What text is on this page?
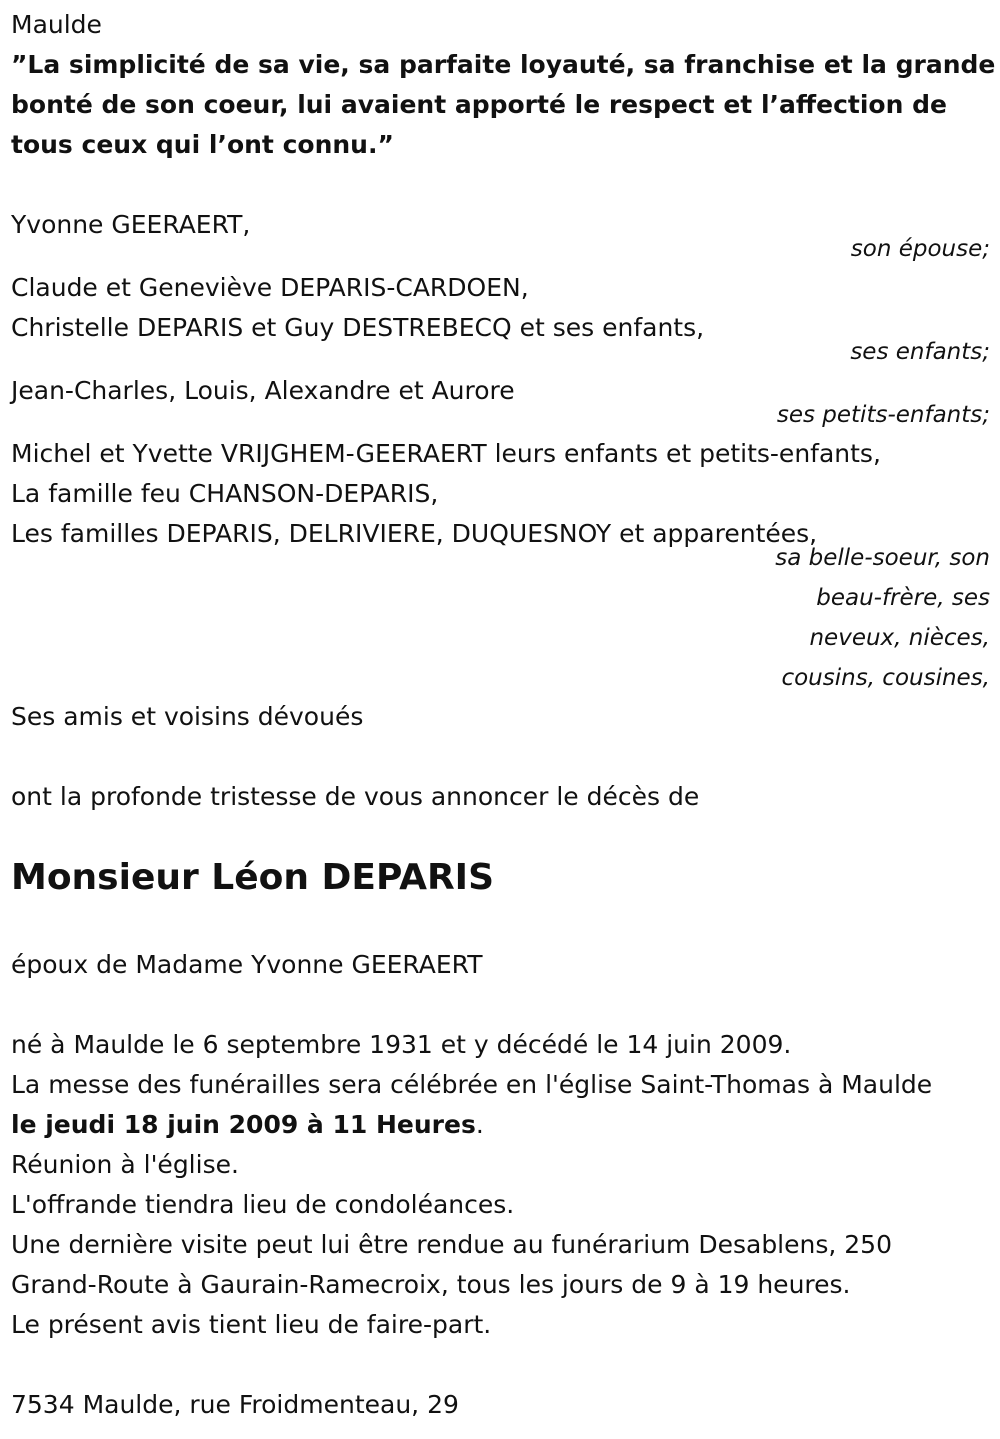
Maulde
”La simplicité de sa vie, sa parfaite loyauté, sa franchise et la grande
bonté de son coeur, lui avaient apporté le respect et l’affection de
tous ceux qui l’ont connu.”
Yvonne GEERAERT,
son épouse;
Claude et Geneviève DEPARIS-CARDOEN,
Christelle DEPARIS et Guy DESTREBECQ et ses enfants,
ses enfants;
Jean-Charles, Louis, Alexandre et Aurore
ses petits-enfants;
Michel et Yvette VRIJGHEM-GEERAERT leurs enfants et petits-enfants,
La famille feu CHANSON-DEPARIS,
Les familles DEPARIS, DELRIVIERE, DUQUESNOY et apparentées,
sa belle-soeur, son
beau-frère, ses
neveux, nièces,
cousins, cousines,
Ses amis et voisins dévoués
ont la profonde tristesse de vous annoncer le décès de
Monsieur Léon DEPARIS
époux de Madame Yvonne GEERAERT
né à Maulde le 6 septembre 1931 et y décédé le 14 juin 2009.
La messe des funérailles sera célébrée en l'église Saint-Thomas à Maulde
le jeudi 18 juin 2009 à 11 Heures.
Réunion à l'église.
L'offrande tiendra lieu de condoléances.
Une dernière visite peut lui être rendue au funérarium Desablens, 250
Grand-Route à Gaurain-Ramecroix, tous les jours de 9 à 19 heures.
Le présent avis tient lieu de faire-part.
7534 Maulde, rue Froidmenteau, 29
